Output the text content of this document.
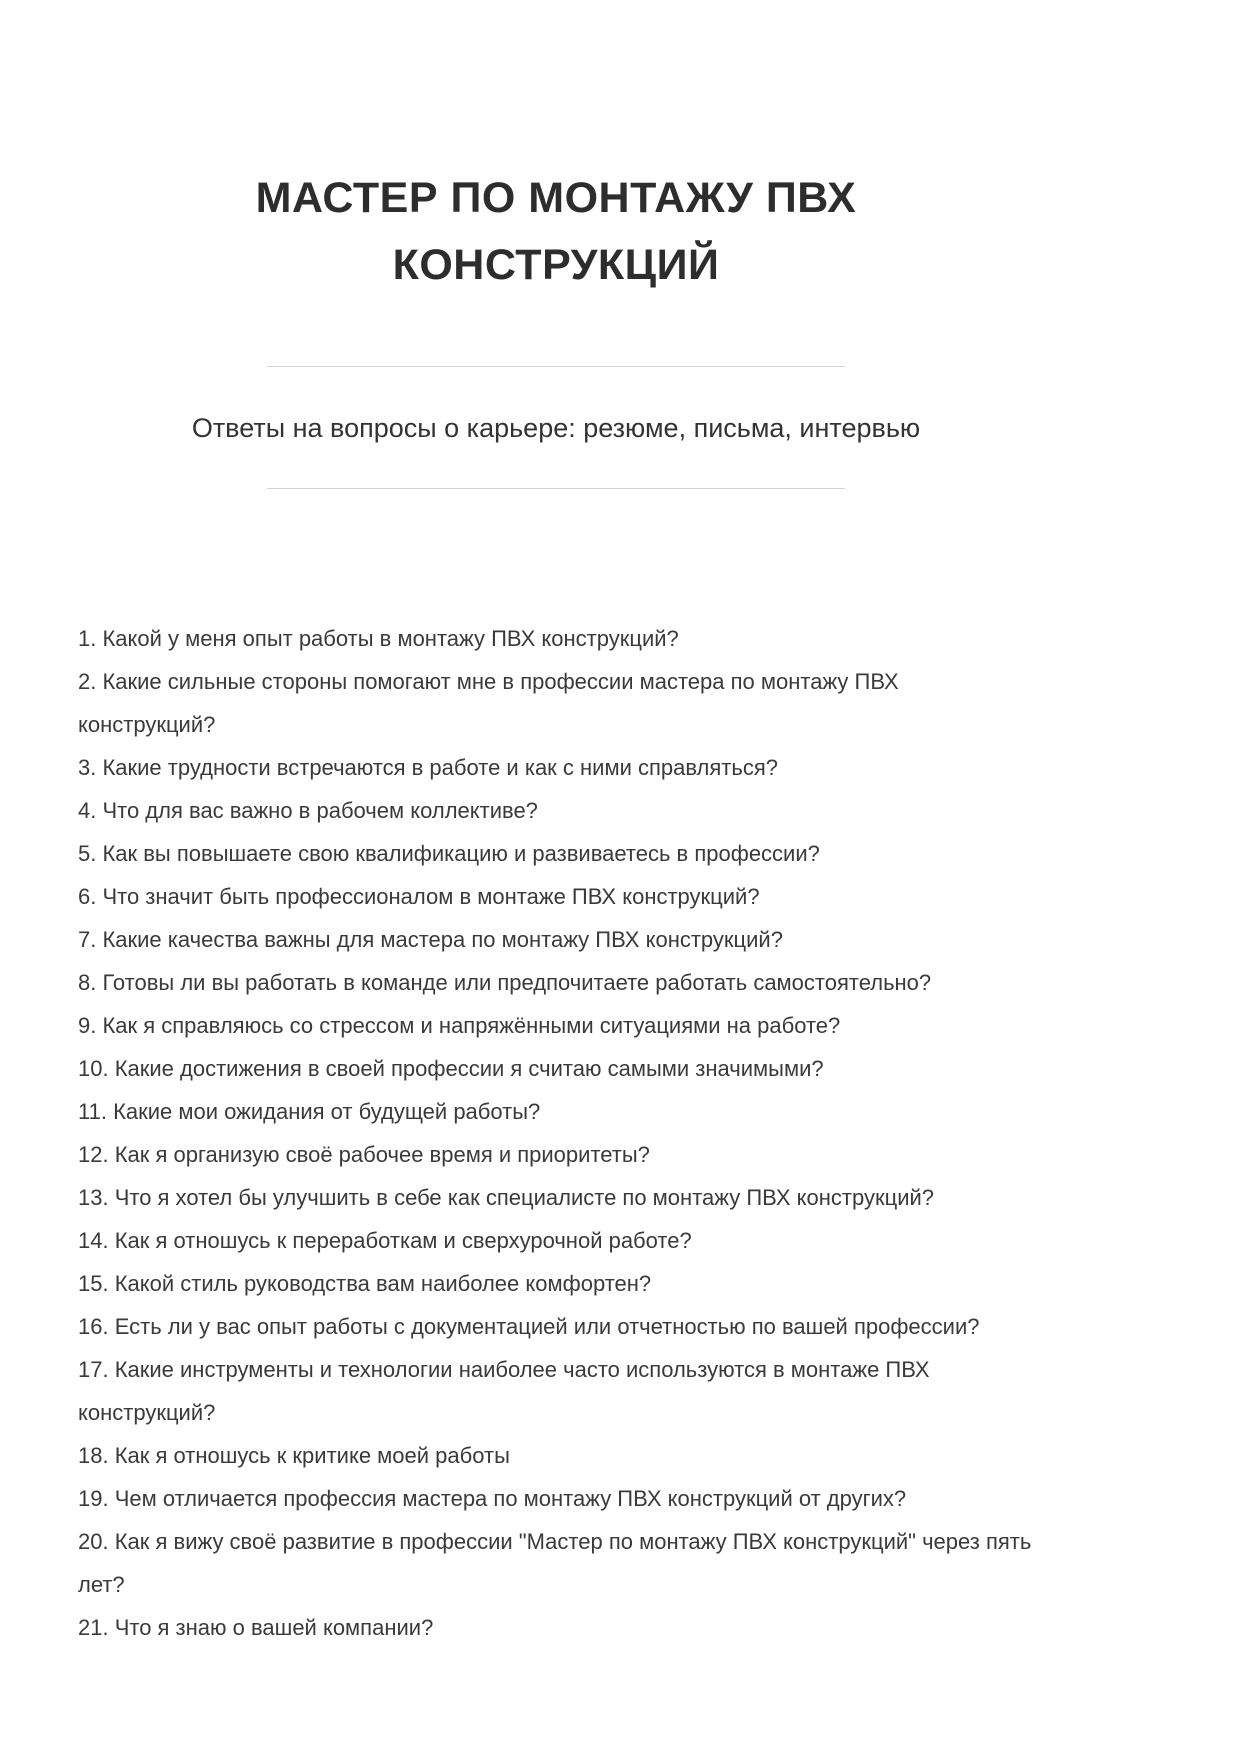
МАСТЕР ПО МОНТАЖУ ПВХ КОНСТРУКЦИЙ
Ответы на вопросы о карьере: резюме, письма, интервью
1. Какой у меня опыт работы в монтажу ПВХ конструкций?
2. Какие сильные стороны помогают мне в профессии мастера по монтажу ПВХ конструкций?
3. Какие трудности встречаются в работе и как с ними справляться?
4. Что для вас важно в рабочем коллективе?
5. Как вы повышаете свою квалификацию и развиваетесь в профессии?
6. Что значит быть профессионалом в монтаже ПВХ конструкций?
7. Какие качества важны для мастера по монтажу ПВХ конструкций?
8. Готовы ли вы работать в команде или предпочитаете работать самостоятельно?
9. Как я справляюсь со стрессом и напряжёнными ситуациями на работе?
10. Какие достижения в своей профессии я считаю самыми значимыми?
11. Какие мои ожидания от будущей работы?
12. Как я организую своё рабочее время и приоритеты?
13. Что я хотел бы улучшить в себе как специалисте по монтажу ПВХ конструкций?
14. Как я отношусь к переработкам и сверхурочной работе?
15. Какой стиль руководства вам наиболее комфортен?
16. Есть ли у вас опыт работы с документацией или отчетностью по вашей профессии?
17. Какие инструменты и технологии наиболее часто используются в монтаже ПВХ конструкций?
18. Как я отношусь к критике моей работы
19. Чем отличается профессия мастера по монтажу ПВХ конструкций от других?
20. Как я вижу своё развитие в профессии "Мастер по монтажу ПВХ конструкций" через пять лет?
21. Что я знаю о вашей компании?
